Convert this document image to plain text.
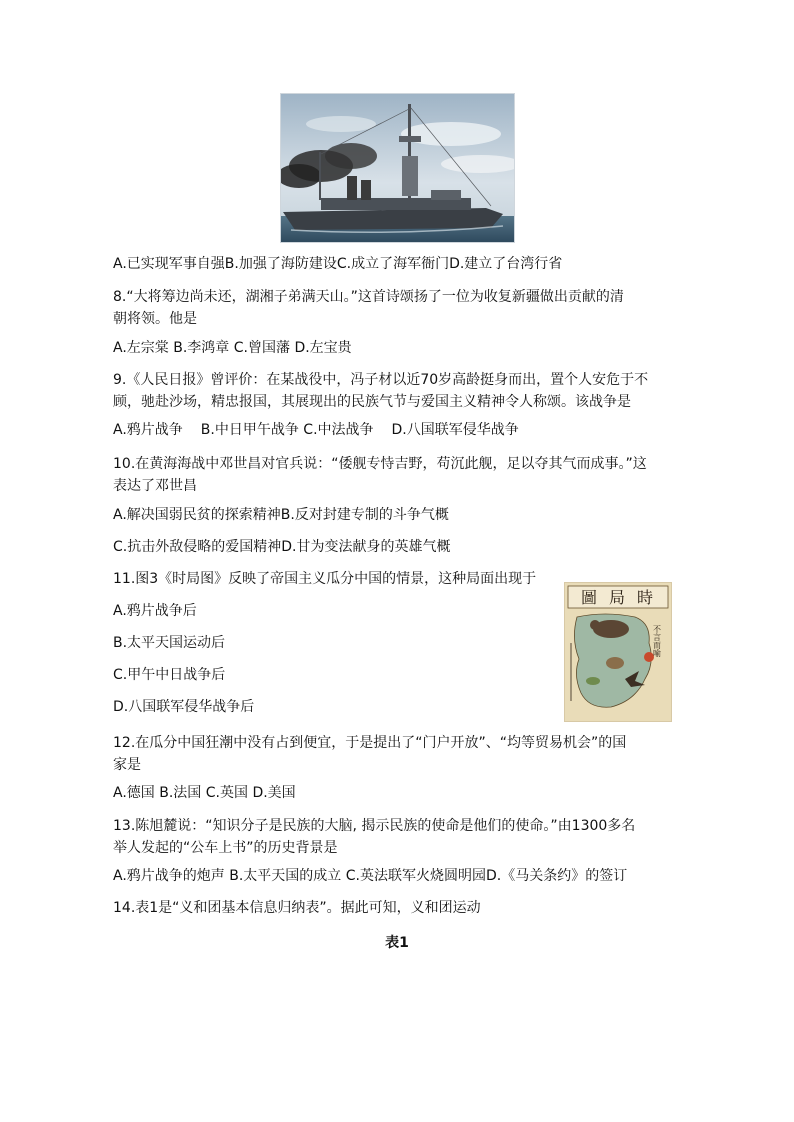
A.已实现军事自强B.加强了海防建设C.成立了海军衙门D.建立了台湾行省
8.“大将筹边尚未还，湖湘子弟满天山。”这首诗颂扬了一位为收复新疆做出贡献的清
朝将领。他是
A.左宗棠 B.李鸿章 C.曾国藩 D.左宝贵
9.《人民日报》曾评价：在某战役中，冯子材以近70岁高龄挺身而出，置个人安危于不
顾，驰赴沙场，精忠报国，其展现出的民族气节与爱国主义精神令人称颂。该战争是
A.鸦片战争 B.中日甲午战争 C.中法战争 D.八国联军侵华战争
10.在黄海海战中邓世昌对官兵说：“倭舰专恃吉野，苟沉此舰，足以夺其气而成事。”这
表达了邓世昌
A.解决国弱民贫的探索精神B.反对封建专制的斗争气概
C.抗击外敌侵略的爱国精神D.甘为变法献身的英雄气概
11.图3《时局图》反映了帝国主义瓜分中国的情景，这种局面出现于
A.鸦片战争后
B.太平天国运动后
C.甲午中日战争后
D.八国联军侵华战争后
圖 局 時
不言而喻
12.在瓜分中国狂潮中没有占到便宜，于是提出了“门户开放”、“均等贸易机会”的国
家是
A.德国 B.法国 C.英国 D.美国
13.陈旭麓说：“知识分子是民族的大脑, 揭示民族的使命是他们的使命。”由1300多名
举人发起的“公车上书”的历史背景是
A.鸦片战争的炮声 B.太平天国的成立 C.英法联军火烧圆明园D.《马关条约》的签订
14.表1是“义和团基本信息归纳表”。据此可知，义和团运动
表1
